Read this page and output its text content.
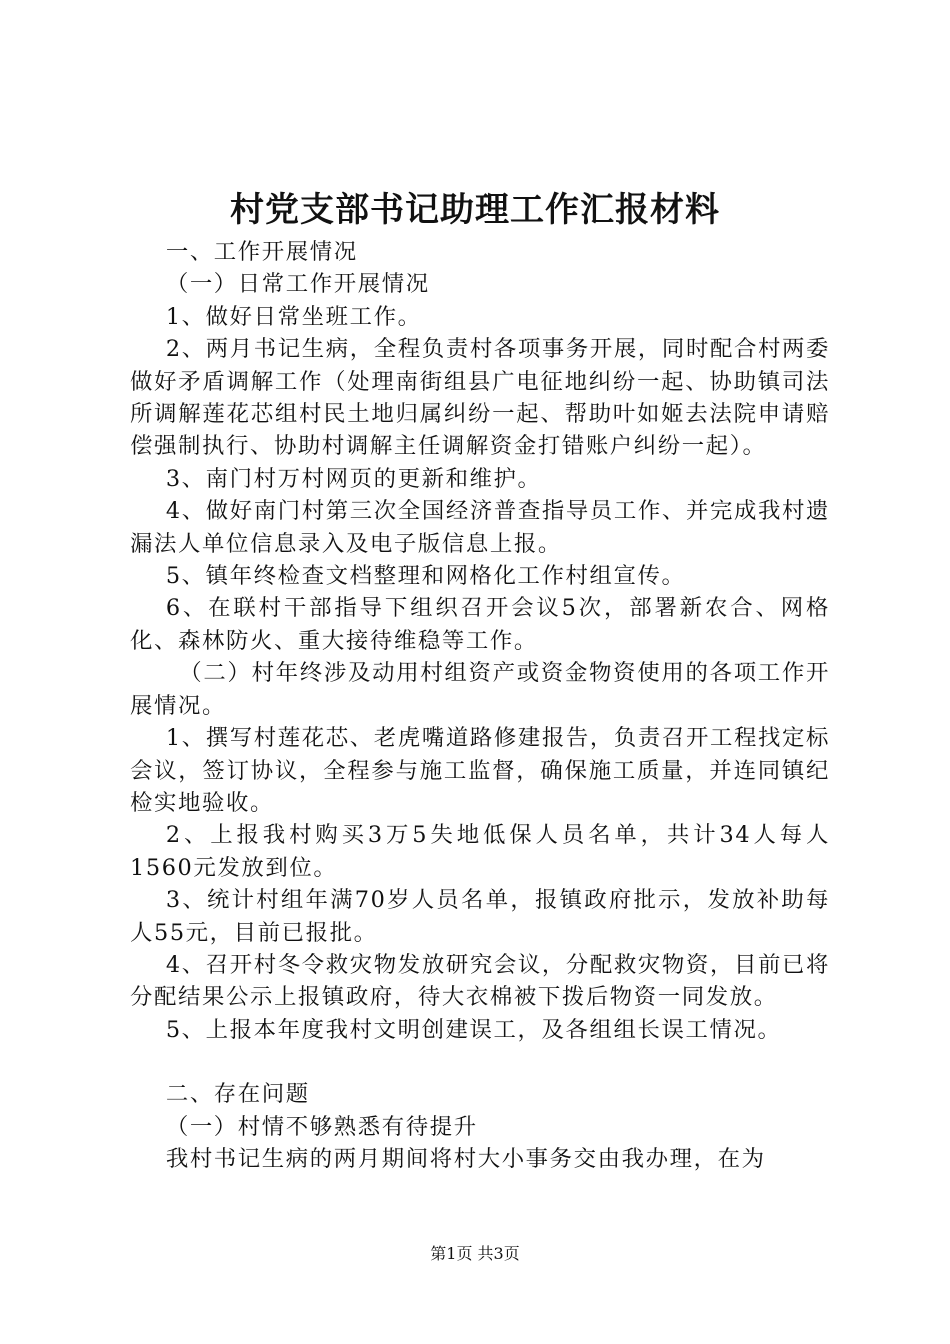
村党支部书记助理工作汇报材料

一、工作开展情况

（一）日常工作开展情况

1、做好日常坐班工作。

2、两月书记生病，全程负责村各项事务开展，同时配合村两委做好矛盾调解工作（处理南街组县广电征地纠纷一起、协助镇司法所调解莲花芯组村民土地归属纠纷一起、帮助叶如姬去法院申请赔偿强制执行、协助村调解主任调解资金打错账户纠纷一起）。

3、南门村万村网页的更新和维护。

4、做好南门村第三次全国经济普查指导员工作、并完成我村遗漏法人单位信息录入及电子版信息上报。

5、镇年终检查文档整理和网格化工作村组宣传。

6、在联村干部指导下组织召开会议5次，部署新农合、网格化、森林防火、重大接待维稳等工作。

（二）村年终涉及动用村组资产或资金物资使用的各项工作开展情况。

1、撰写村莲花芯、老虎嘴道路修建报告，负责召开工程找定标会议，签订协议，全程参与施工监督，确保施工质量，并连同镇纪检实地验收。

2、上报我村购买3万5失地低保人员名单，共计34人每人1560元发放到位。

3、统计村组年满70岁人员名单，报镇政府批示，发放补助每人55元，目前已报批。

4、召开村冬令救灾物发放研究会议，分配救灾物资，目前已将分配结果公示上报镇政府，待大衣棉被下拨后物资一同发放。

5、上报本年度我村文明创建误工，及各组组长误工情况。

二、存在问题

（一）村情不够熟悉有待提升

我村书记生病的两月期间将村大小事务交由我办理，在为

第1页 共3页
